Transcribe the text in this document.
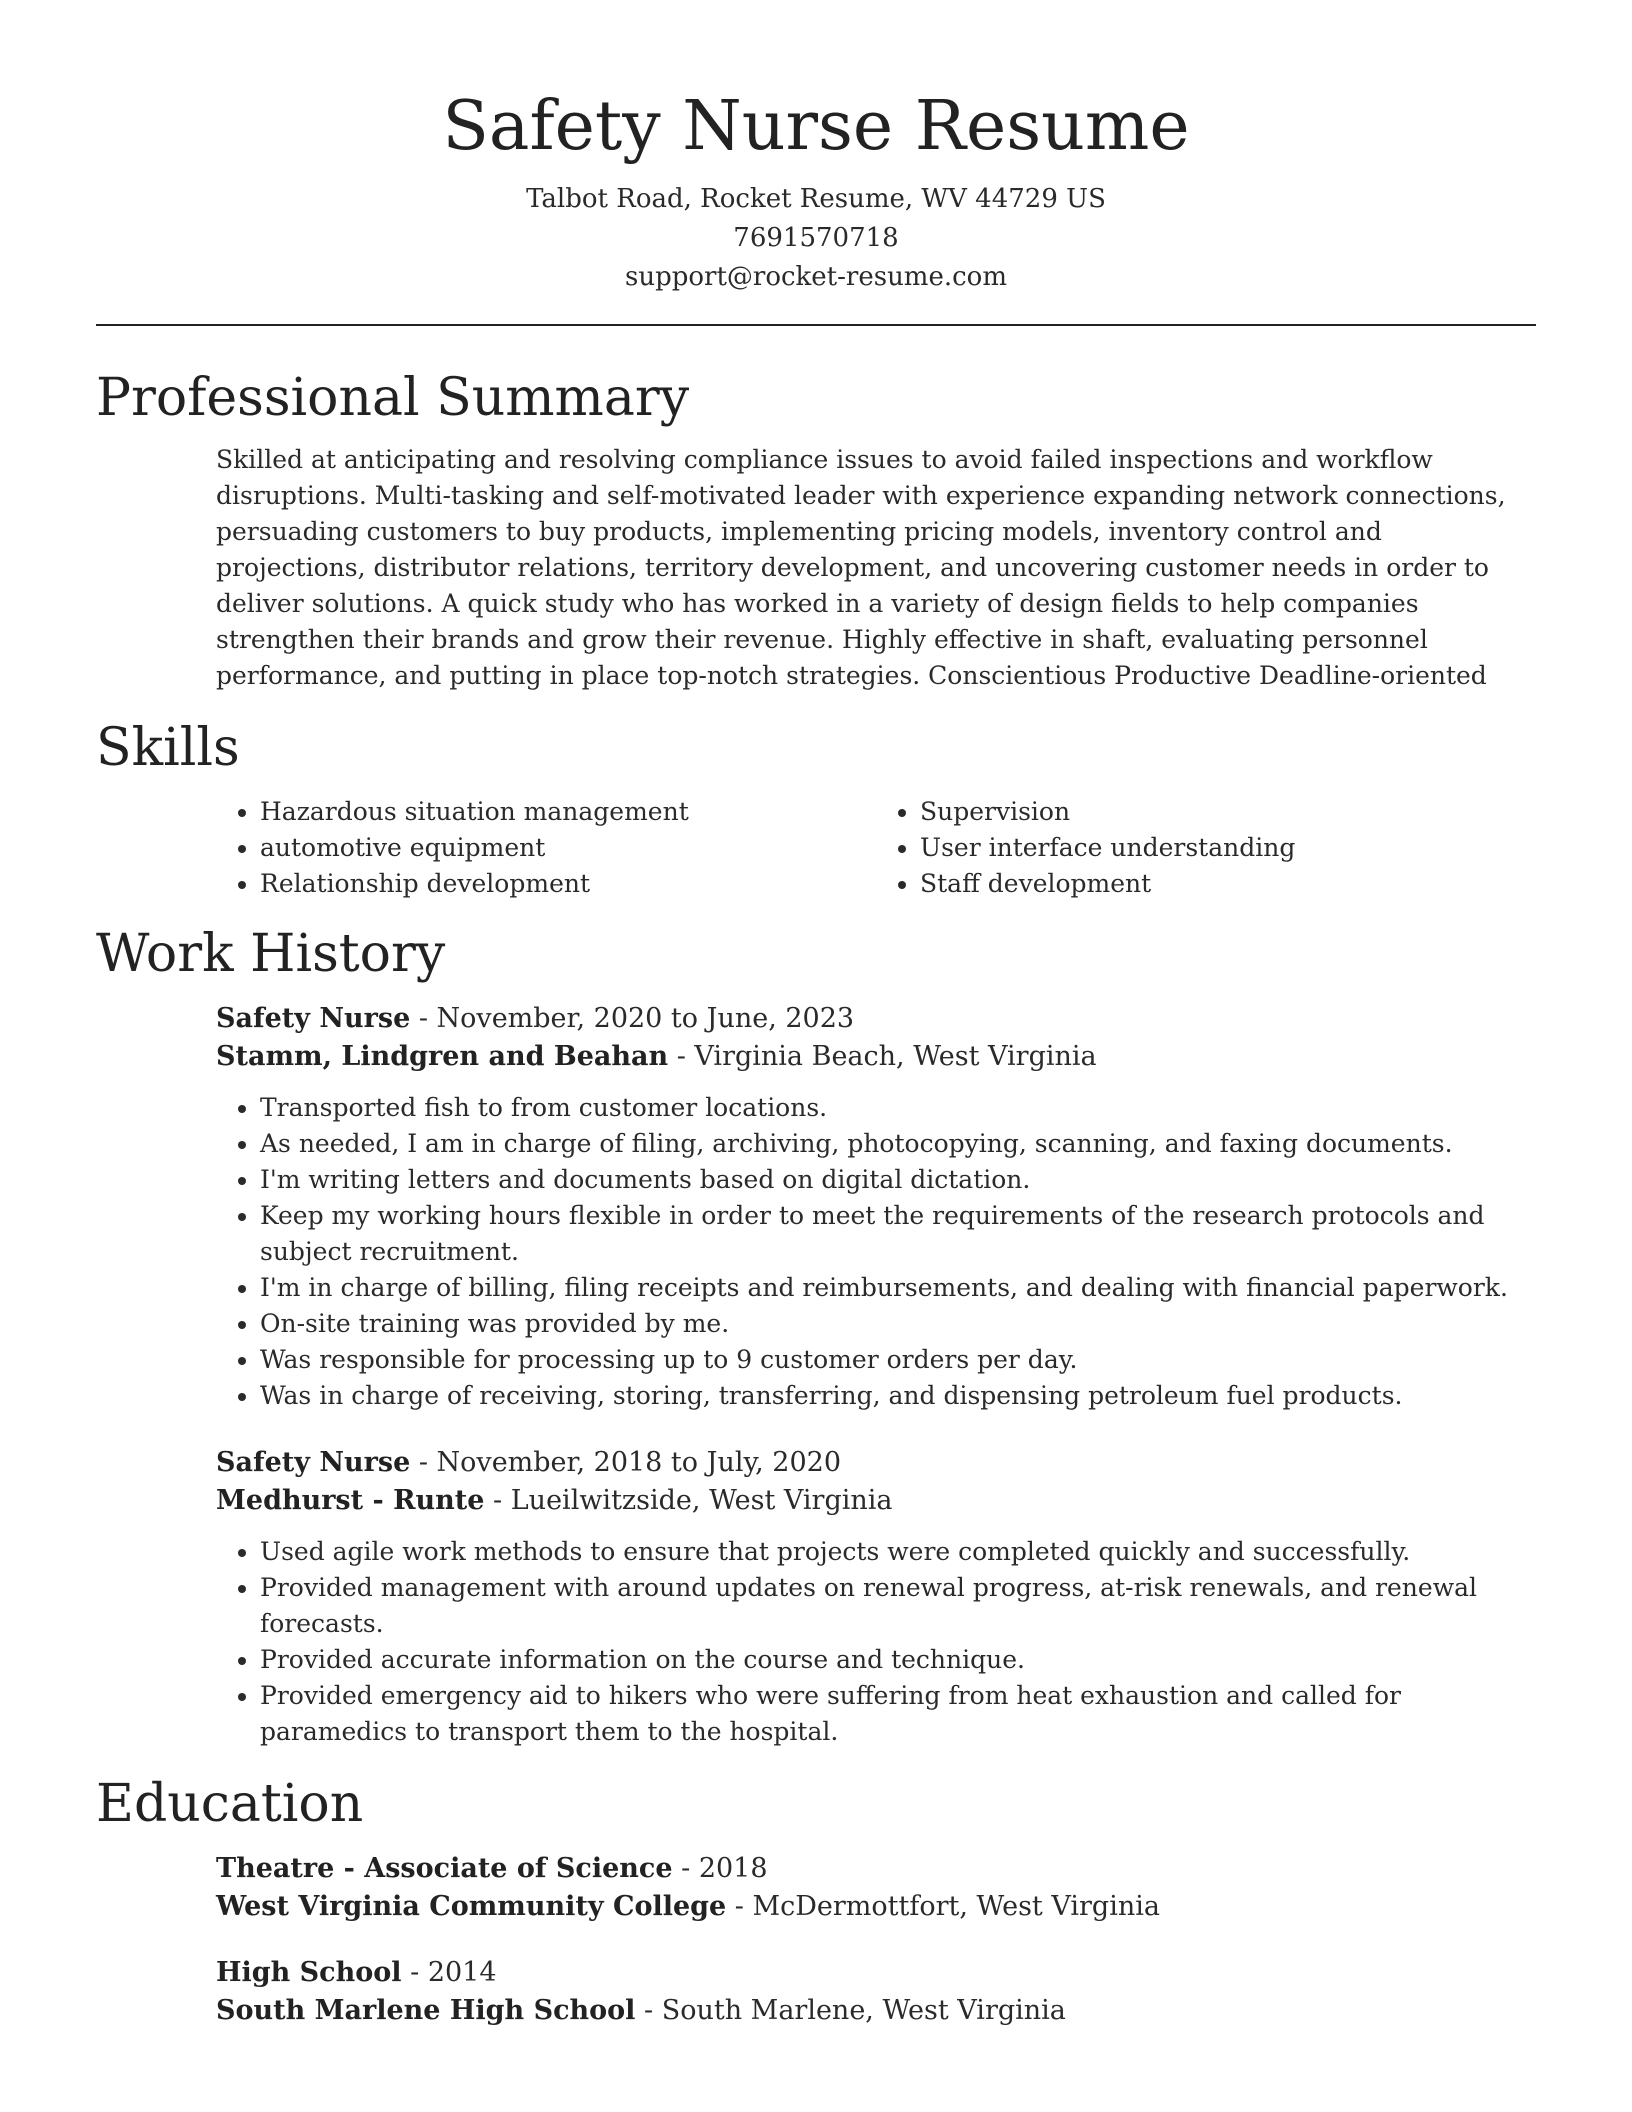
Safety Nurse Resume
Talbot Road, Rocket Resume, WV 44729 US
7691570718
support@rocket-resume.com
Professional Summary

Skilled at anticipating and resolving compliance issues to avoid failed inspections and workflow disruptions. Multi-tasking and self-motivated leader with experience expanding network connections, persuading customers to buy products, implementing pricing models, inventory control and projections, distributor relations, territory development, and uncovering customer needs in order to deliver solutions. A quick study who has worked in a variety of design fields to help companies strengthen their brands and grow their revenue. Highly effective in shaft, evaluating personnel performance, and putting in place top-notch strategies. Conscientious Productive Deadline-oriented

Skills
• Hazardous situation management
• automotive equipment
• Relationship development
• Supervision
• User interface understanding
• Staff development
Work History
Safety Nurse - November, 2020 to June, 2023
Stamm, Lindgren and Beahan - Virginia Beach, West Virginia
• Transported fish to from customer locations.
• As needed, I am in charge of filing, archiving, photocopying, scanning, and faxing documents.
• I'm writing letters and documents based on digital dictation.
• Keep my working hours flexible in order to meet the requirements of the research protocols and subject recruitment.
• I'm in charge of billing, filing receipts and reimbursements, and dealing with financial paperwork.
• On-site training was provided by me.
• Was responsible for processing up to 9 customer orders per day.
• Was in charge of receiving, storing, transferring, and dispensing petroleum fuel products.
Safety Nurse - November, 2018 to July, 2020
Medhurst - Runte - Lueilwitzside, West Virginia
• Used agile work methods to ensure that projects were completed quickly and successfully.
• Provided management with around updates on renewal progress, at-risk renewals, and renewal forecasts.
• Provided accurate information on the course and technique.
• Provided emergency aid to hikers who were suffering from heat exhaustion and called for paramedics to transport them to the hospital.
Education
Theatre - Associate of Science - 2018
West Virginia Community College - McDermottfort, West Virginia
High School - 2014
South Marlene High School - South Marlene, West Virginia
